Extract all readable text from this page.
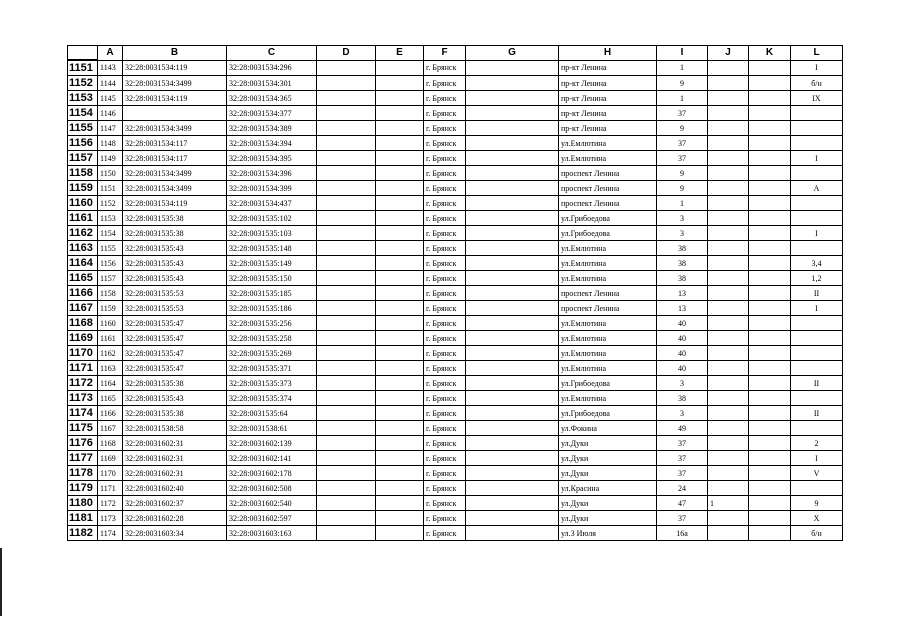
	A	B	C	D	E	F	G	H	I	J	K	L
1151	1143	32:28:0031534:119	32:28:0031534:296			г. Брянск		пр-кт Ленина	1			I
1152	1144	32:28:0031534:3499	32:28:0031534:301			г. Брянск		пр-кт Ленина	9			б/н
1153	1145	32:28:0031534:119	32:28:0031534:365			г. Брянск		пр-кт Ленина	1			IX
1154	1146		32:28:0031534:377			г. Брянск		пр-кт Ленина	37			
1155	1147	32:28:0031534:3499	32:28:0031534:389			г. Брянск		пр-кт Ленина	9			
1156	1148	32:28:0031534:117	32:28:0031534:394			г. Брянск		ул.Емлютина	37			
1157	1149	32:28:0031534:117	32:28:0031534:395			г. Брянск		ул.Емлютина	37			I
1158	1150	32:28:0031534:3499	32:28:0031534:396			г. Брянск		проспект Ленина	9			
1159	1151	32:28:0031534:3499	32:28:0031534:399			г. Брянск		проспект Ленина	9			А
1160	1152	32:28:0031534:119	32:28:0031534:437			г. Брянск		проспект Ленина	1			
1161	1153	32:28:0031535:38	32:28:0031535:102			г. Брянск		ул.Грибоедова	3			
1162	1154	32:28:0031535:38	32:28:0031535:103			г. Брянск		ул.Грибоедова	3			I
1163	1155	32:28:0031535:43	32:28:0031535:148			г. Брянск		ул.Емлютина	38			
1164	1156	32:28:0031535:43	32:28:0031535:149			г. Брянск		ул.Емлютина	38			3,4
1165	1157	32:28:0031535:43	32:28:0031535:150			г. Брянск		ул.Емлютина	38			1,2
1166	1158	32:28:0031535:53	32:28:0031535:185			г. Брянск		проспект Ленина	13			II
1167	1159	32:28:0031535:53	32:28:0031535:186			г. Брянск		проспект Ленина	13			I
1168	1160	32:28:0031535:47	32:28:0031535:256			г. Брянск		ул.Емлютина	40			
1169	1161	32:28:0031535:47	32:28:0031535:258			г. Брянск		ул.Емлютина	40			
1170	1162	32:28:0031535:47	32:28:0031535:269			г. Брянск		ул.Емлютина	40			
1171	1163	32:28:0031535:47	32:28:0031535:371			г. Брянск		ул.Емлютина	40			
1172	1164	32:28:0031535:38	32:28:0031535:373			г. Брянск		ул.Грибоедова	3			II
1173	1165	32:28:0031535:43	32:28:0031535:374			г. Брянск		ул.Емлютина	38			
1174	1166	32:28:0031535:38	32:28:0031535:64			г. Брянск		ул.Грибоедова	3			II
1175	1167	32:28:0031538:58	32:28:0031538:61			г. Брянск		ул.Фокина	49			
1176	1168	32:28:0031602:31	32:28:0031602:139			г. Брянск		ул.Дуки	37			2
1177	1169	32:28:0031602:31	32:28:0031602:141			г. Брянск		ул.Дуки	37			I
1178	1170	32:28:0031602:31	32:28:0031602:178			г. Брянск		ул.Дуки	37			V
1179	1171	32:28:0031602:40	32:28:0031602:508			г. Брянск		ул.Красина	24			
1180	1172	32:28:0031602:37	32:28:0031602:540			г. Брянск		ул.Дуки	47	1		9
1181	1173	32:28:0031602:28	32:28:0031602:597			г. Брянск		ул.Дуки	37			X
1182	1174	32:28:0031603:34	32:28:0031603:163			г. Брянск		ул.3 Июля	16а			б/н
